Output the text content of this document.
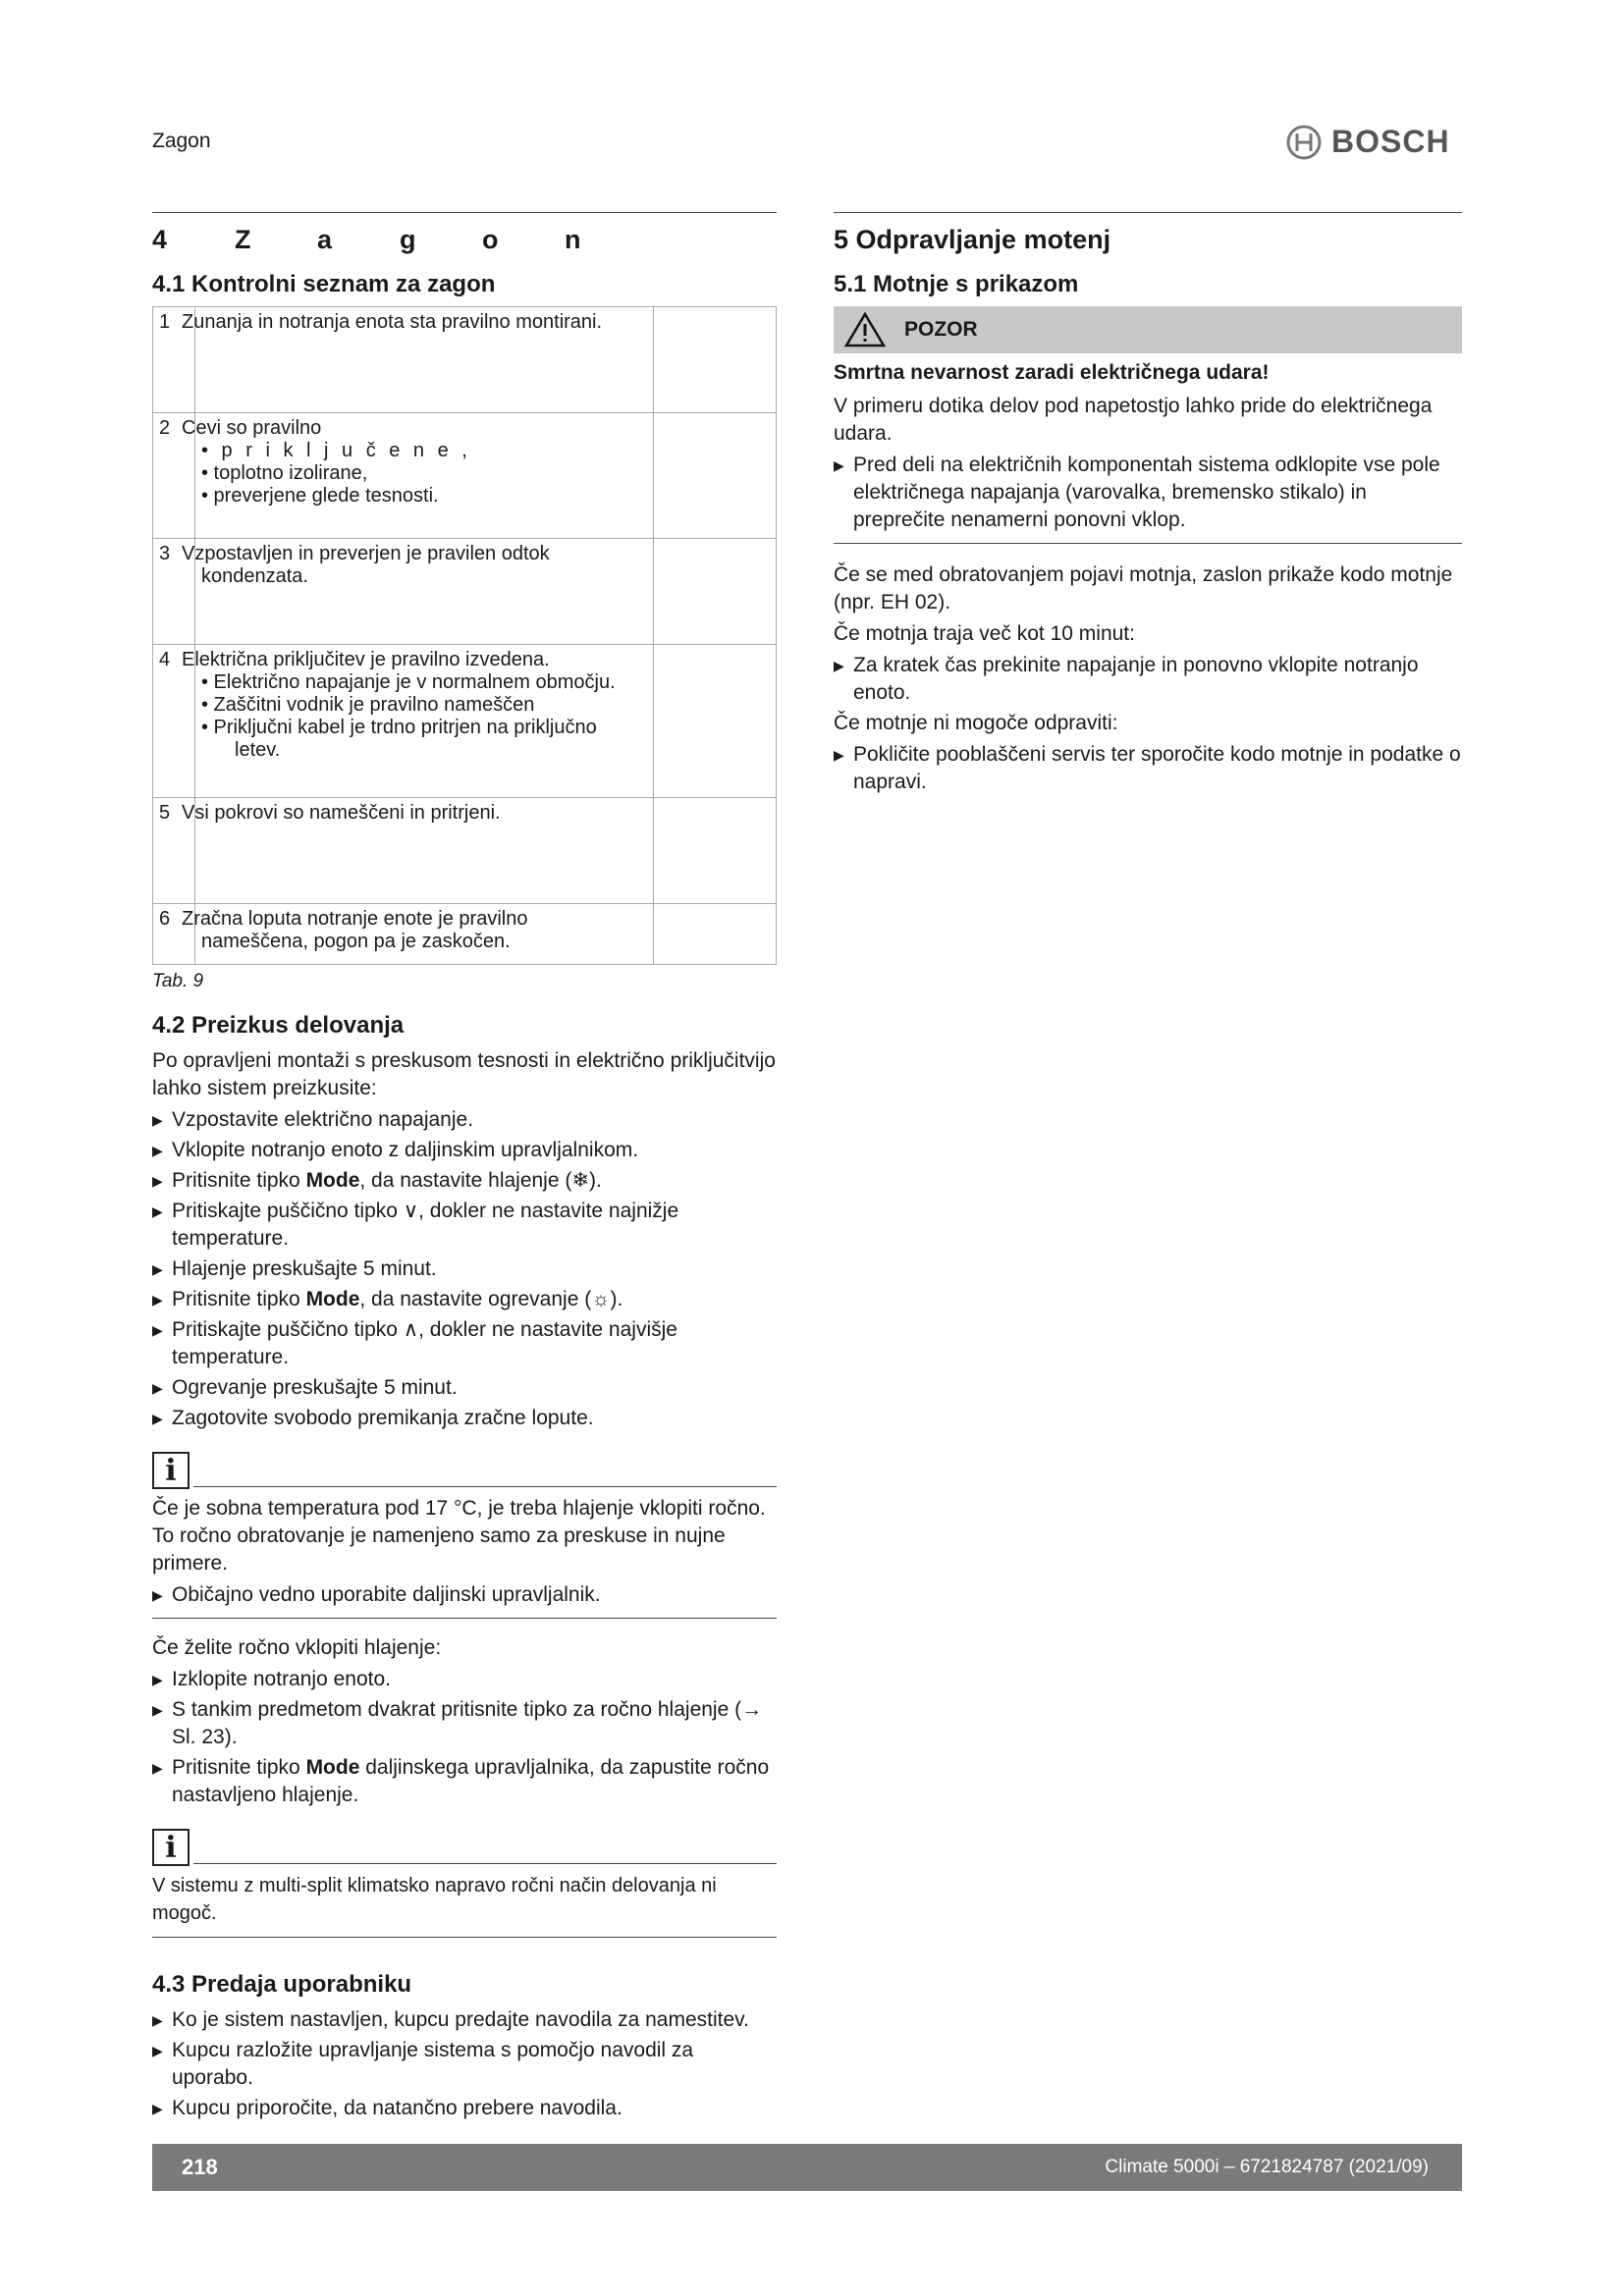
Zagon	BOSCH
4	Z	a	g	o	n
4.1 Kontrolni seznam za zagon
1	Zunanja in notranja enota sta pravilno montirani.	

2	Cevi so pravilno
• p r i k l j u č e n e ,
• toplotno izolirane,
• preverjene glede tesnosti.	

3	Vzpostavljen in preverjen je pravilen odtok
kondenzata.	

4	Električna priključitev je pravilno izvedena.
• Električno napajanje je v normalnem območju.
• Zaščitni vodnik je pravilno nameščen
• Priključni kabel je trdno pritrjen na priključno
letev.	

5	Vsi pokrovi so nameščeni in pritrjeni.	

6	Zračna loputa notranje enote je pravilno
nameščena, pogon pa je zaskočen.	

Tab. 9
4.2 Preizkus delovanja

Po opravljeni montaži s preskusom tesnosti in električno priključitvijo lahko sistem preizkusite:

▶ Vzpostavite električno napajanje.
▶ Vklopite notranjo enoto z daljinskim upravljalnikom.
▶ Pritisnite tipko Mode, da nastavite hlajenje (❄).
▶ Pritiskajte puščično tipko ∨, dokler ne nastavite najnižje temperature.
▶ Hlajenje preskušajte 5 minut.
▶ Pritisnite tipko Mode, da nastavite ogrevanje (☼).
▶ Pritiskajte puščično tipko ∧, dokler ne nastavite najvišje temperature.
▶ Ogrevanje preskušajte 5 minut.
▶ Zagotovite svobodo premikanja zračne lopute.
i

Če je sobna temperatura pod 17 °C, je treba hlajenje vklopiti ročno. To ročno obratovanje je namenjeno samo za preskuse in nujne primere.

▶ Običajno vedno uporabite daljinski upravljalnik.

Če želite ročno vklopiti hlajenje:

▶ Izklopite notranjo enoto.
▶ S tankim predmetom dvakrat pritisnite tipko za ročno hlajenje (→ Sl. 23).
▶ Pritisnite tipko Mode daljinskega upravljalnika, da zapustite ročno nastavljeno hlajenje.
i

V sistemu z multi-split klimatsko napravo ročni način delovanja ni mogoč.

4.3 Predaja uporabniku
▶ Ko je sistem nastavljen, kupcu predajte navodila za namestitev.
▶ Kupcu razložite upravljanje sistema s pomočjo navodil za uporabo.
▶ Kupcu priporočite, da natančno prebere navodila.
5 Odpravljanje motenj
5.1 Motnje s prikazom
POZOR
Smrtna nevarnost zaradi električnega udara!

V primeru dotika delov pod napetostjo lahko pride do električnega udara.

▶ Pred deli na električnih komponentah sistema odklopite vse pole električnega napajanja (varovalka, bremensko stikalo) in preprečite nenamerni ponovni vklop.

Če se med obratovanjem pojavi motnja, zaslon prikaže kodo motnje (npr. EH 02).

Če motnja traja več kot 10 minut:

▶ Za kratek čas prekinite napajanje in ponovno vklopite notranjo enoto.

Če motnje ni mogoče odpraviti:

▶ Pokličite pooblaščeni servis ter sporočite kodo motnje in podatke o napravi.
218	Climate 5000i – 6721824787 (2021/09)
